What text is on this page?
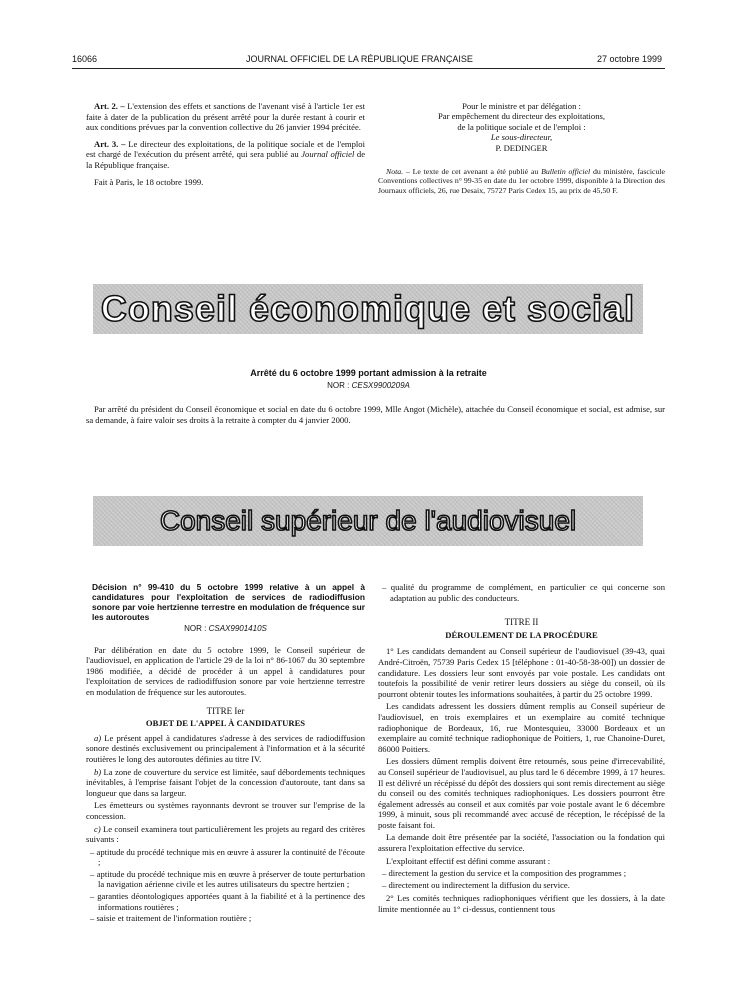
16066	JOURNAL OFFICIEL DE LA RÉPUBLIQUE FRANÇAISE	27 octobre 1999

Art. 2. – L'extension des effets et sanctions de l'avenant visé à l'article 1er est faite à dater de la publication du présent arrêté pour la durée restant à courir et aux conditions prévues par la convention collective du 26 janvier 1994 précitée.

Art. 3. – Le directeur des exploitations, de la politique sociale et de l'emploi est chargé de l'exécution du présent arrêté, qui sera publié au Journal officiel de la République française.

Fait à Paris, le 18 octobre 1999.

Pour le ministre et par délégation :
Par empêchement du directeur des exploitations,
de la politique sociale et de l'emploi :
Le sous-directeur,
P. DEDINGER

Nota. – Le texte de cet avenant a été publié au Bulletin officiel du ministère, fascicule Conventions collectives n° 99-35 en date du 1er octobre 1999, disponible à la Direction des Journaux officiels, 26, rue Desaix, 75727 Paris Cedex 15, au prix de 45,50 F.

Conseil économique et social
Arrêté du 6 octobre 1999 portant admission à la retraite
NOR : CESX9900209A

Par arrêté du président du Conseil économique et social en date du 6 octobre 1999, Mlle Angot (Michèle), attachée du Conseil économique et social, est admise, sur sa demande, à faire valoir ses droits à la retraite à compter du 4 janvier 2000.

Conseil supérieur de l'audiovisuel
Décision n° 99-410 du 5 octobre 1999 relative à un appel à candidatures pour l'exploitation de services de radiodiffusion sonore par voie hertzienne terrestre en modulation de fréquence sur les autoroutes
NOR : CSAX9901410S

Par délibération en date du 5 octobre 1999, le Conseil supérieur de l'audiovisuel, en application de l'article 29 de la loi n° 86-1067 du 30 septembre 1986 modifiée, a décidé de procéder à un appel à candidatures pour l'exploitation de services de radiodiffusion sonore par voie hertzienne terrestre en modulation de fréquence sur les autoroutes.

TITRE Ier
OBJET DE L'APPEL À CANDIDATURES

a) Le présent appel à candidatures s'adresse à des services de radiodiffusion sonore destinés exclusivement ou principalement à l'information et à la sécurité routières le long des autoroutes définies au titre IV.

b) La zone de couverture du service est limitée, sauf débordements techniques inévitables, à l'emprise faisant l'objet de la concession d'autoroute, tant dans sa longueur que dans sa largeur.

Les émetteurs ou systèmes rayonnants devront se trouver sur l'emprise de la concession.

c) Le conseil examinera tout particulièrement les projets au regard des critères suivants :

– aptitude du procédé technique mis en œuvre à assurer la continuité de l'écoute ;
– aptitude du procédé technique mis en œuvre à préserver de toute perturbation la navigation aérienne civile et les autres utilisateurs du spectre hertzien ;
– garanties déontologiques apportées quant à la fiabilité et à la pertinence des informations routières ;
– saisie et traitement de l'information routière ;
– qualité du programme de complément, en particulier ce qui concerne son adaptation au public des conducteurs.
TITRE II
DÉROULEMENT DE LA PROCÉDURE

1° Les candidats demandent au Conseil supérieur de l'audiovisuel (39-43, quai André-Citroën, 75739 Paris Cedex 15 [téléphone : 01-40-58-38-00]) un dossier de candidature. Les dossiers leur sont envoyés par voie postale. Les candidats ont toutefois la possibilité de venir retirer leurs dossiers au siège du conseil, où ils pourront obtenir toutes les informations souhaitées, à partir du 25 octobre 1999.

Les candidats adressent les dossiers dûment remplis au Conseil supérieur de l'audiovisuel, en trois exemplaires et un exemplaire au comité technique radiophonique de Bordeaux, 16, rue Montesquieu, 33000 Bordeaux et un exemplaire au comité technique radiophonique de Poitiers, 1, rue Chanoine-Duret, 86000 Poitiers.

Les dossiers dûment remplis doivent être retournés, sous peine d'irrecevabilité, au Conseil supérieur de l'audiovisuel, au plus tard le 6 décembre 1999, à 17 heures. Il est délivré un récépissé du dépôt des dossiers qui sont remis directement au siège du conseil ou des comités techniques radiophoniques. Les dossiers pourront être également adressés au conseil et aux comités par voie postale avant le 6 décembre 1999, à minuit, sous pli recommandé avec accusé de réception, le récépissé de la poste faisant foi.

La demande doit être présentée par la société, l'association ou la fondation qui assurera l'exploitation effective du service.

L'exploitant effectif est défini comme assurant :

– directement la gestion du service et la composition des programmes ;
– directement ou indirectement la diffusion du service.

2° Les comités techniques radiophoniques vérifient que les dossiers, à la date limite mentionnée au 1° ci-dessus, contiennent tous
